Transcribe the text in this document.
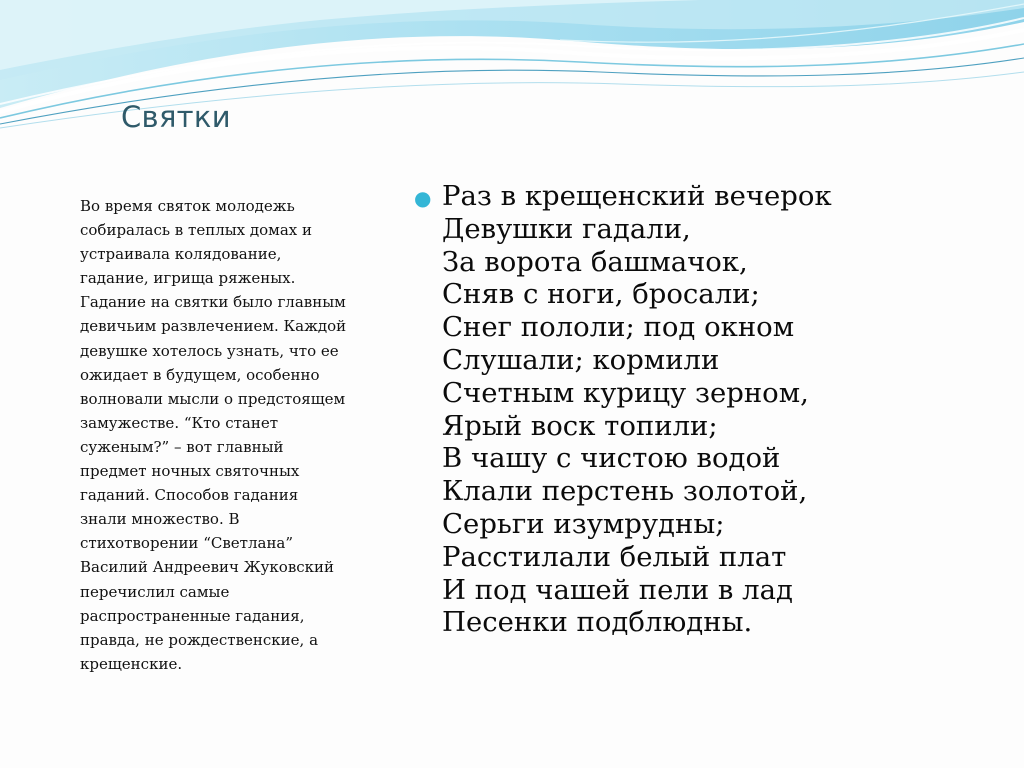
Святки
Во время святок молодежь
собиралась в теплых домах и
устраивала колядование,
гадание, игрища ряженых.
Гадание на святки было главным
девичьим развлечением. Каждой
девушке хотелось узнать, что ее
ожидает в будущем, особенно
волновали мысли о предстоящем
замужестве. “Кто станет
суженым?” – вот главный
предмет ночных святочных
гаданий. Способов гадания
знали множество. В
стихотворении “Светлана”
Василий Андреевич Жуковский
перечислил самые
распространенные гадания,
правда, не рождественские, а
крещенские.
● Раз в крещенский вечерок
Девушки гадали,
За ворота башмачок,
Сняв с ноги, бросали;
Снег пололи; под окном
Слушали; кормили
Счетным курицу зерном,
Ярый воск топили;
В чашу с чистою водой
Клали перстень золотой,
Серьги изумрудны;
Расстилали белый плат
И под чашей пели в лад
Песенки подблюдны.
